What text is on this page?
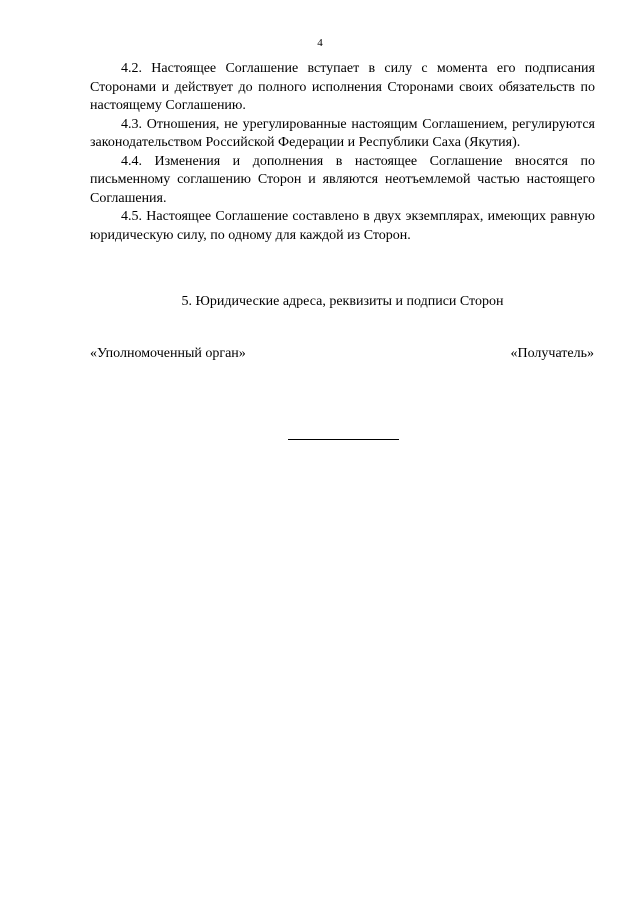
4

4.2. Настоящее Соглашение вступает в силу с момента его подписания Сторонами и действует до полного исполнения Сторонами своих обязательств по настоящему Соглашению.

4.3. Отношения, не урегулированные настоящим Соглашением, регулируются законодательством Российской Федерации и Республики Саха (Якутия).

4.4. Изменения и дополнения в настоящее Соглашение вносятся по письменному соглашению Сторон и являются неотъемлемой частью настоящего Соглашения.

4.5. Настоящее Соглашение составлено в двух экземплярах, имеющих равную юридическую силу, по одному для каждой из Сторон.

5. Юридические адреса, реквизиты и подписи Сторон

«Уполномоченный орган»	«Получатель»
